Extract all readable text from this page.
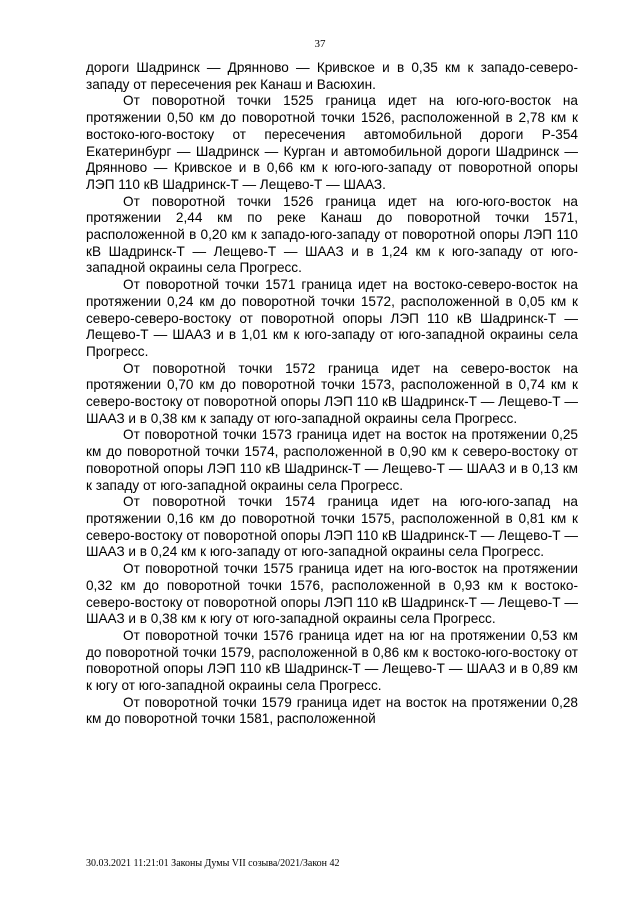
37

дороги Шадринск — Дрянново — Кривское и в 0,35 км к западо-северо-западу от пересечения рек Канаш и Васюхин.

От поворотной точки 1525 граница идет на юго-юго-восток на протяжении 0,50 км до поворотной точки 1526, расположенной в 2,78 км к востоко-юго-востоку от пересечения автомобильной дороги Р-354 Екатеринбург — Шадринск — Курган и автомобильной дороги Шадринск — Дрянново — Кривское и в 0,66 км к юго-юго-западу от поворотной опоры ЛЭП 110 кВ Шадринск-Т — Лещево-Т — ШААЗ.

От поворотной точки 1526 граница идет на юго-юго-восток на протяжении 2,44 км по реке Канаш до поворотной точки 1571, расположенной в 0,20 км к западо-юго-западу от поворотной опоры ЛЭП 110 кВ Шадринск-Т — Лещево-Т — ШААЗ и в 1,24 км к юго-западу от юго-западной окраины села Прогресс.

От поворотной точки 1571 граница идет на востоко-северо-восток на протяжении 0,24 км до поворотной точки 1572, расположенной в 0,05 км к северо-северо-востоку от поворотной опоры ЛЭП 110 кВ Шадринск-Т — Лещево-Т — ШААЗ и в 1,01 км к юго-западу от юго-западной окраины села Прогресс.

От поворотной точки 1572 граница идет на северо-восток на протяжении 0,70 км до поворотной точки 1573, расположенной в 0,74 км к северо-востоку от поворотной опоры ЛЭП 110 кВ Шадринск-Т — Лещево-Т — ШААЗ и в 0,38 км к западу от юго-западной окраины села Прогресс.

От поворотной точки 1573 граница идет на восток на протяжении 0,25 км до поворотной точки 1574, расположенной в 0,90 км к северо-востоку от поворотной опоры ЛЭП 110 кВ Шадринск-Т — Лещево-Т — ШААЗ и в 0,13 км к западу от юго-западной окраины села Прогресс.

От поворотной точки 1574 граница идет на юго-юго-запад на протяжении 0,16 км до поворотной точки 1575, расположенной в 0,81 км к северо-востоку от поворотной опоры ЛЭП 110 кВ Шадринск-Т — Лещево-Т — ШААЗ и в 0,24 км к юго-западу от юго-западной окраины села Прогресс.

От поворотной точки 1575 граница идет на юго-восток на протяжении 0,32 км до поворотной точки 1576, расположенной в 0,93 км к востоко-северо-востоку от поворотной опоры ЛЭП 110 кВ Шадринск-Т — Лещево-Т — ШААЗ и в 0,38 км к югу от юго-западной окраины села Прогресс.

От поворотной точки 1576 граница идет на юг на протяжении 0,53 км до поворотной точки 1579, расположенной в 0,86 км к востоко-юго-востоку от поворотной опоры ЛЭП 110 кВ Шадринск-Т — Лещево-Т — ШААЗ и в 0,89 км к югу от юго-западной окраины села Прогресс.

От поворотной точки 1579 граница идет на восток на протяжении 0,28 км до поворотной точки 1581, расположенной

30.03.2021 11:21:01 Законы Думы VII созыва/2021/Закон 42
